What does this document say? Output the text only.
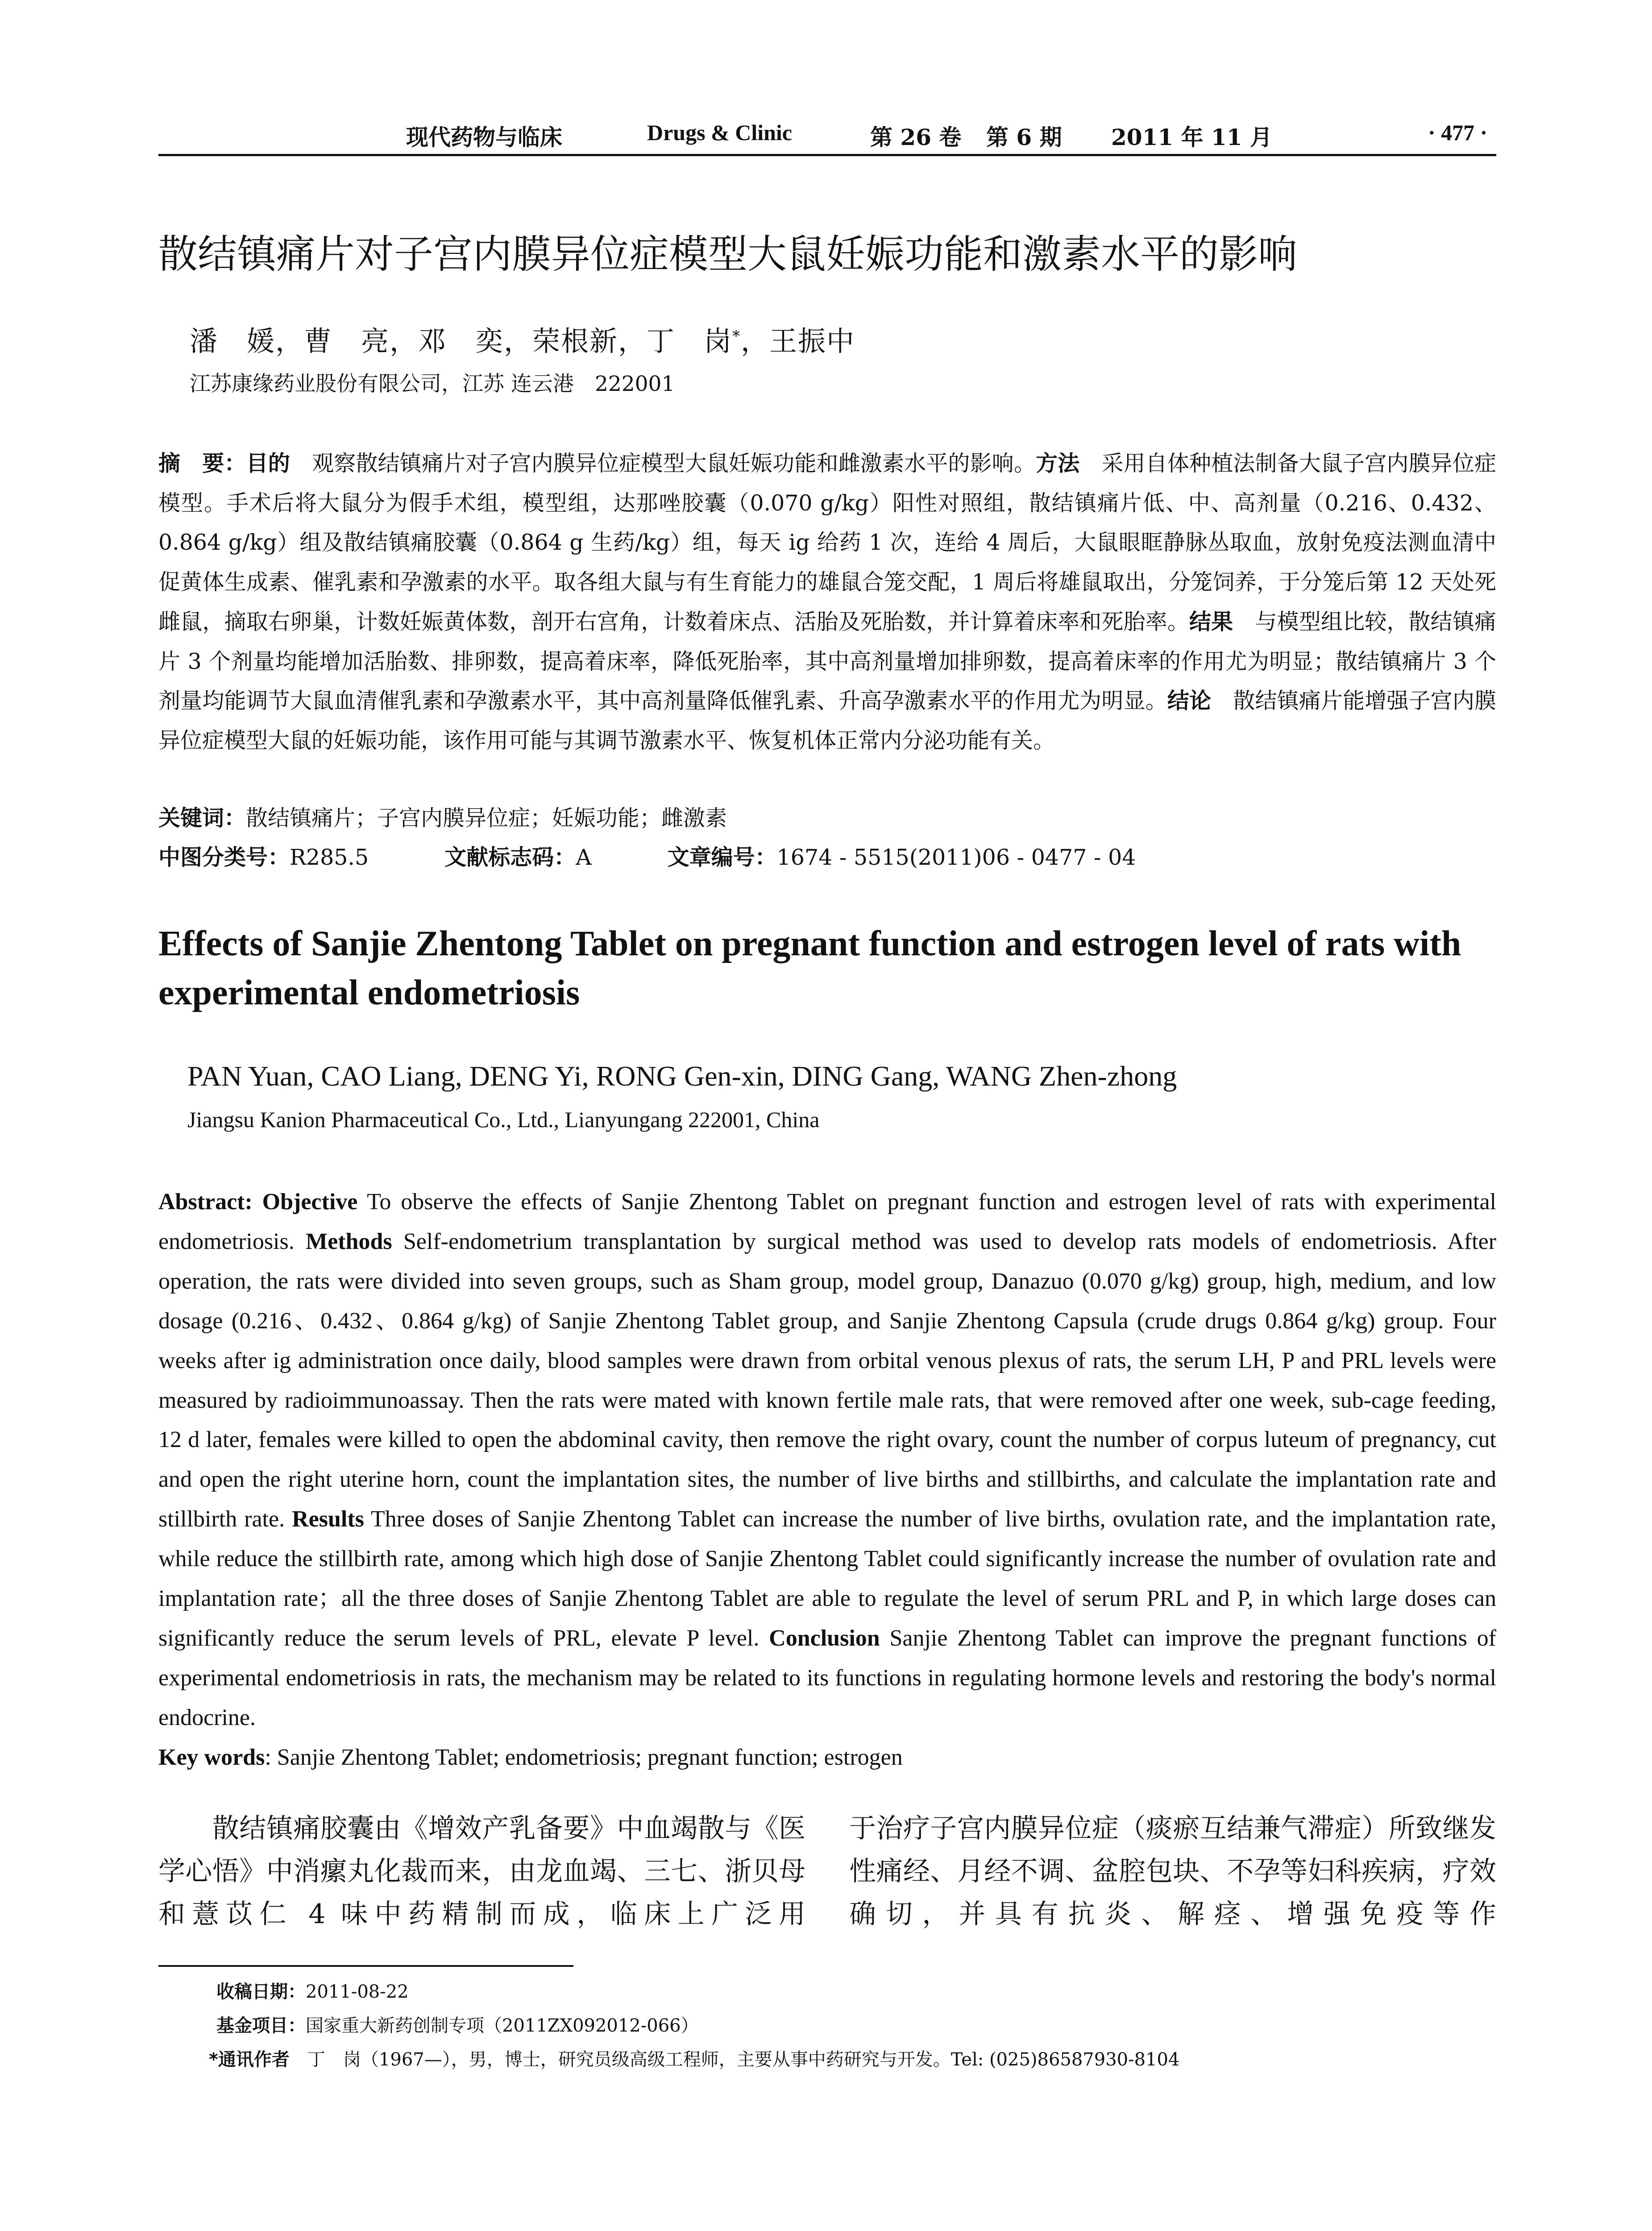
现代药物与临床	Drugs & Clinic	第 26 卷 第 6 期 2011 年 11 月	· 477 ·
散结镇痛片对子宫内膜异位症模型大鼠妊娠功能和激素水平的影响
潘　媛，曹　亮，邓　奕，荣根新，丁　岗*，王振中
江苏康缘药业股份有限公司，江苏 连云港　222001
摘　要：目的　观察散结镇痛片对子宫内膜异位症模型大鼠妊娠功能和雌激素水平的影响。方法　采用自体种植法制备大鼠子宫内膜异位症模型。手术后将大鼠分为假手术组，模型组，达那唑胶囊（0.070 g/kg）阳性对照组，散结镇痛片低、中、高剂量（0.216、0.432、0.864 g/kg）组及散结镇痛胶囊（0.864 g 生药/kg）组，每天 ig 给药 1 次，连给 4 周后，大鼠眼眶静脉丛取血，放射免疫法测血清中促黄体生成素、催乳素和孕激素的水平。取各组大鼠与有生育能力的雄鼠合笼交配，1 周后将雄鼠取出，分笼饲养，于分笼后第 12 天处死雌鼠，摘取右卵巢，计数妊娠黄体数，剖开右宫角，计数着床点、活胎及死胎数，并计算着床率和死胎率。结果　与模型组比较，散结镇痛片 3 个剂量均能增加活胎数、排卵数，提高着床率，降低死胎率，其中高剂量增加排卵数，提高着床率的作用尤为明显；散结镇痛片 3 个剂量均能调节大鼠血清催乳素和孕激素水平，其中高剂量降低催乳素、升高孕激素水平的作用尤为明显。结论　散结镇痛片能增强子宫内膜异位症模型大鼠的妊娠功能，该作用可能与其调节激素水平、恢复机体正常内分泌功能有关。
关键词：散结镇痛片；子宫内膜异位症；妊娠功能；雌激素
中图分类号：R285.5	文献标志码：A	文章编号：1674 - 5515(2011)06 - 0477 - 04
Effects of Sanjie Zhentong Tablet on pregnant function and estrogen level of rats with experimental endometriosis
PAN Yuan, CAO Liang, DENG Yi, RONG Gen-xin, DING Gang, WANG Zhen-zhong
Jiangsu Kanion Pharmaceutical Co., Ltd., Lianyungang 222001, China
Abstract: Objective To observe the effects of Sanjie Zhentong Tablet on pregnant function and estrogen level of rats with experimental endometriosis. Methods Self-endometrium transplantation by surgical method was used to develop rats models of endometriosis. After operation, the rats were divided into seven groups, such as Sham group, model group, Danazuo (0.070 g/kg) group, high, medium, and low dosage (0.216、0.432、0.864 g/kg) of Sanjie Zhentong Tablet group, and Sanjie Zhentong Capsula (crude drugs 0.864 g/kg) group. Four weeks after ig administration once daily, blood samples were drawn from orbital venous plexus of rats, the serum LH, P and PRL levels were measured by radioimmunoassay. Then the rats were mated with known fertile male rats, that were removed after one week, sub-cage feeding, 12 d later, females were killed to open the abdominal cavity, then remove the right ovary, count the number of corpus luteum of pregnancy, cut and open the right uterine horn, count the implantation sites, the number of live births and stillbirths, and calculate the implantation rate and stillbirth rate. Results Three doses of Sanjie Zhentong Tablet can increase the number of live births, ovulation rate, and the implantation rate, while reduce the stillbirth rate, among which high dose of Sanjie Zhentong Tablet could significantly increase the number of ovulation rate and implantation rate；all the three doses of Sanjie Zhentong Tablet are able to regulate the level of serum PRL and P, in which large doses can significantly reduce the serum levels of PRL, elevate P level. Conclusion Sanjie Zhentong Tablet can improve the pregnant functions of experimental endometriosis in rats, the mechanism may be related to its functions in regulating hormone levels and restoring the body's normal endocrine.
Key words: Sanjie Zhentong Tablet; endometriosis; pregnant function; estrogen
　　散结镇痛胶囊由《增效产乳备要》中血竭散与《医学心悟》中消瘰丸化裁而来，由龙血竭、三七、浙贝母和薏苡仁 4 味中药精制而成，临床上广泛用
于治疗子宫内膜异位症（痰瘀互结兼气滞症）所致继发性痛经、月经不调、盆腔包块、不孕等妇科疾病，疗效确切，并具有抗炎、解痉、增强免疫等作
收稿日期：2011-08-22
基金项目：国家重大新药创制专项（2011ZX092012-066）
*通讯作者　丁　岗（1967—），男，博士，研究员级高级工程师，主要从事中药研究与开发。Tel: (025)86587930-8104
